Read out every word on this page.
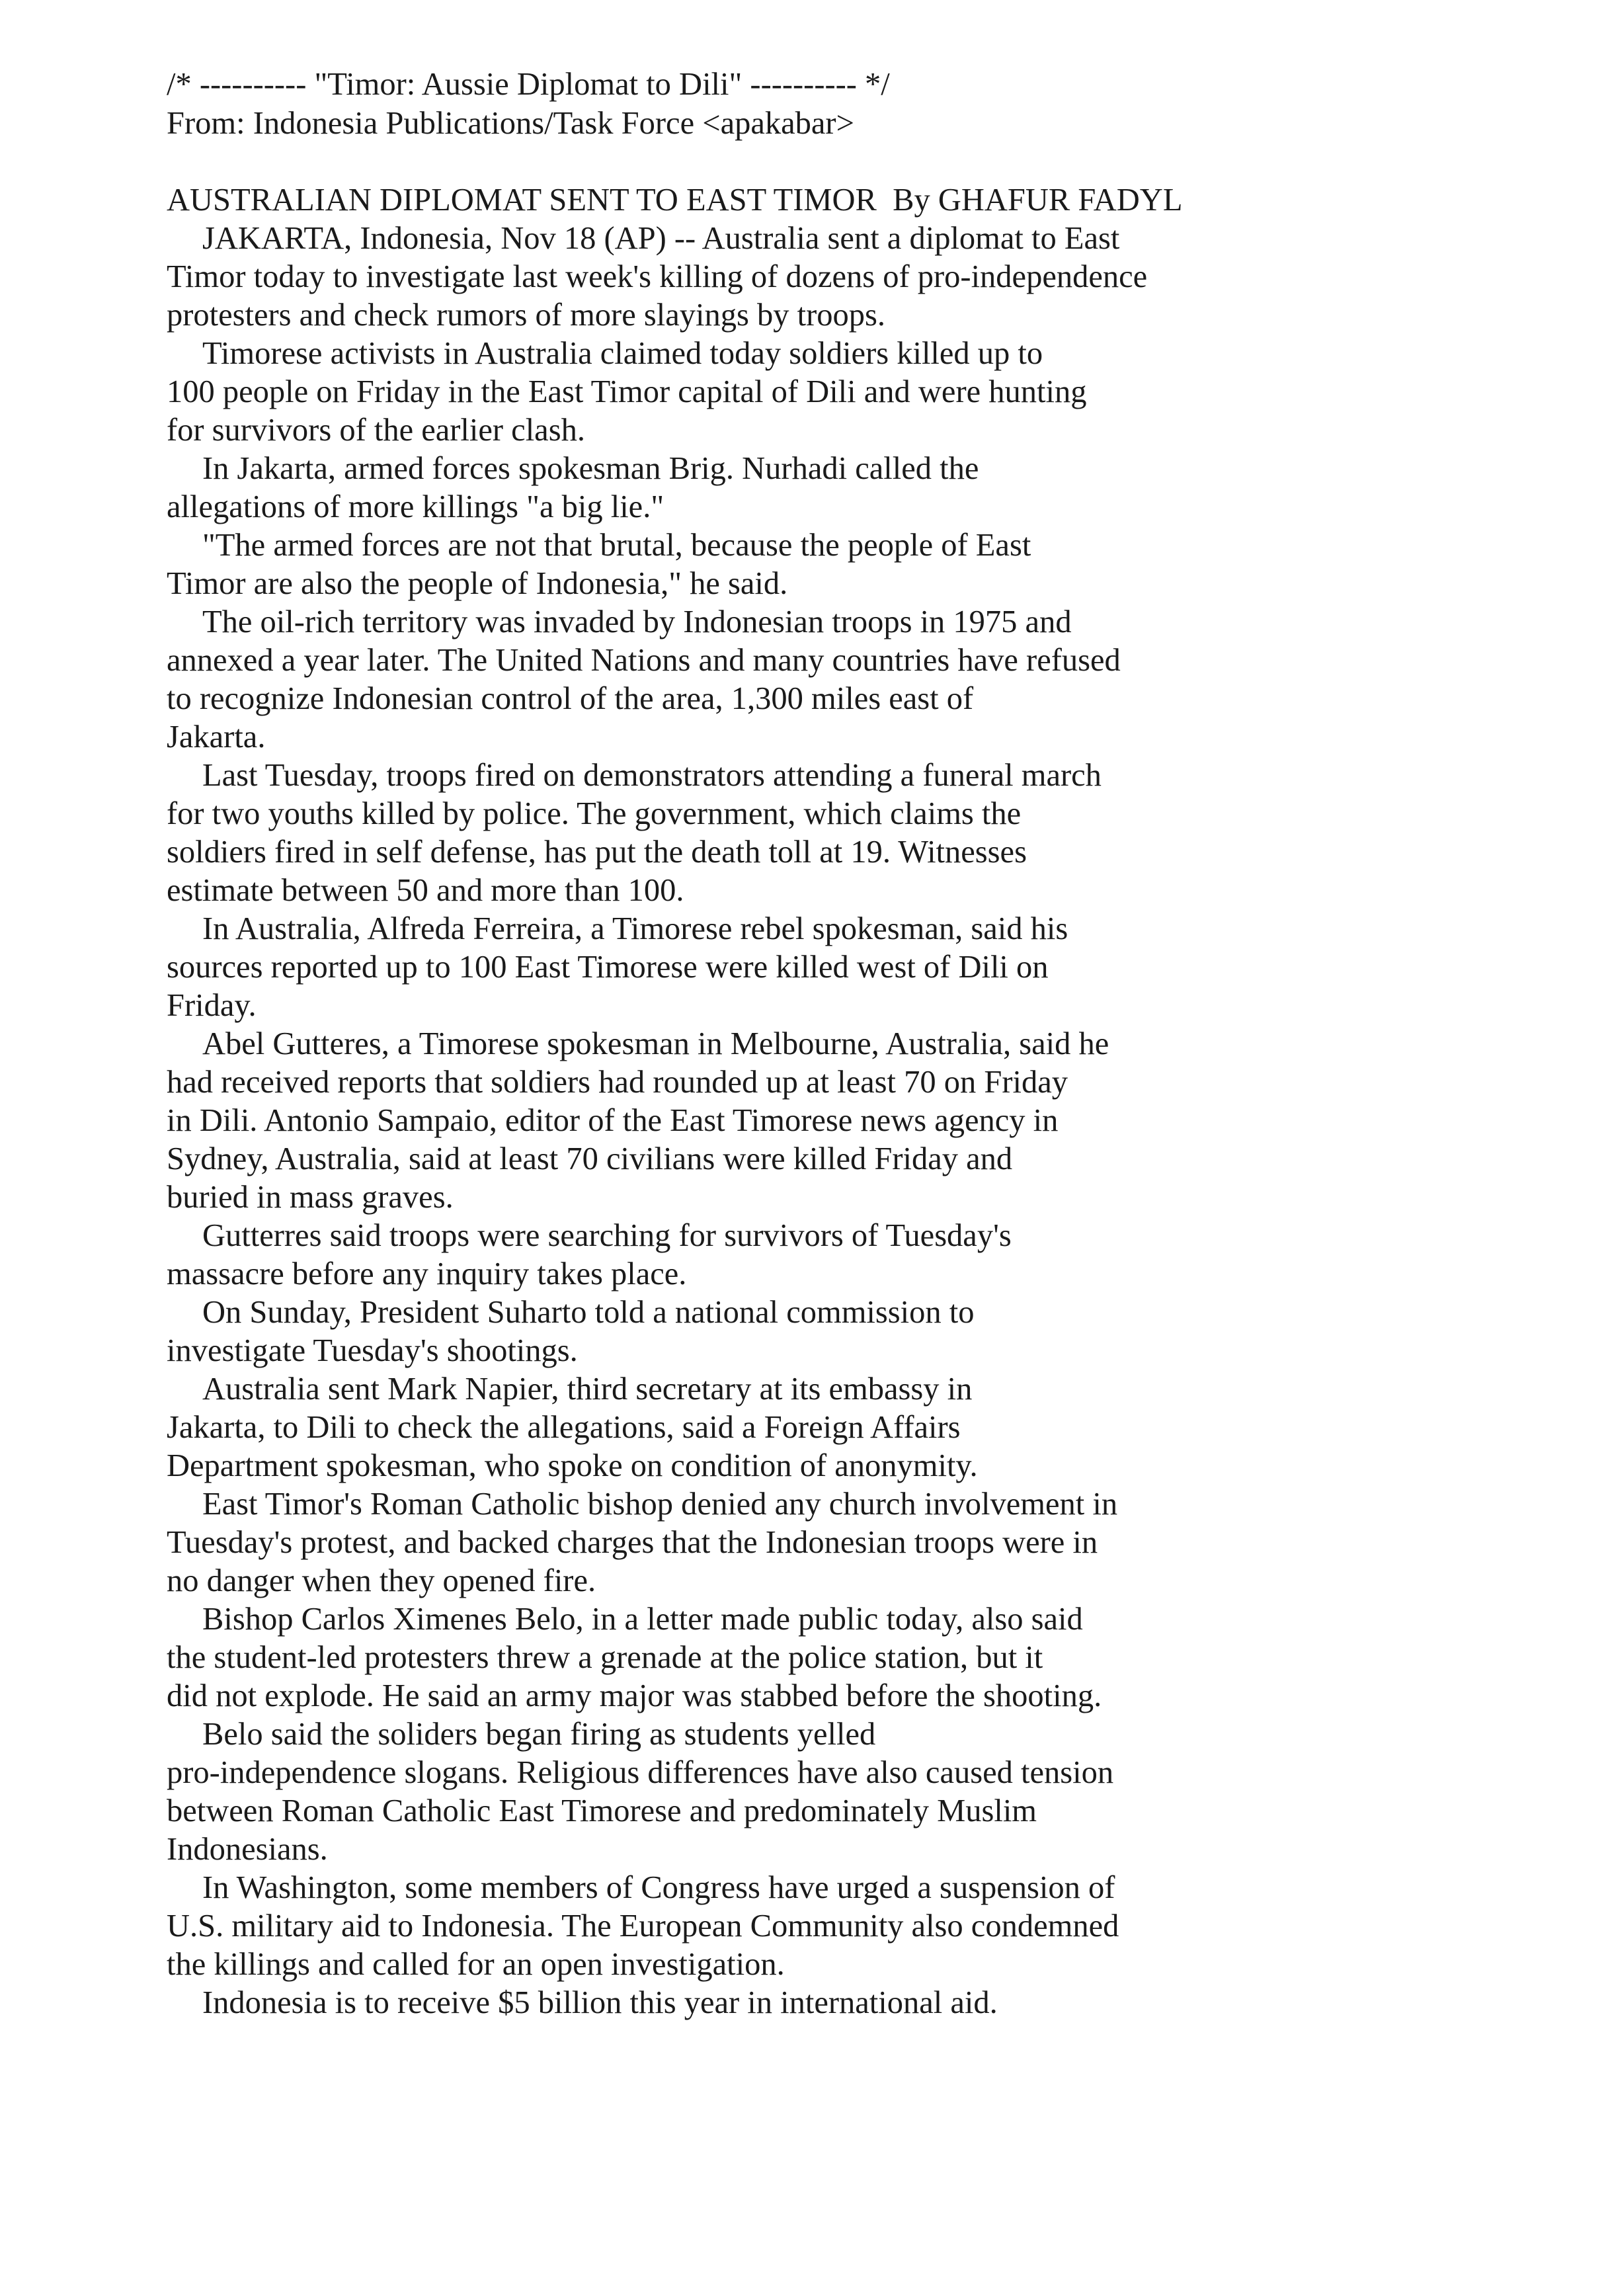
/* ---------- "Timor: Aussie Diplomat to Dili" ---------- */
From: Indonesia Publications/Task Force <apakabar>
AUSTRALIAN DIPLOMAT SENT TO EAST TIMOR  By GHAFUR FADYL
JAKARTA, Indonesia, Nov 18 (AP) -- Australia sent a diplomat to East
Timor today to investigate last week's killing of dozens of pro-independence
protesters and check rumors of more slayings by troops.
Timorese activists in Australia claimed today soldiers killed up to
100 people on Friday in the East Timor capital of Dili and were hunting
for survivors of the earlier clash.
In Jakarta, armed forces spokesman Brig. Nurhadi called the
allegations of more killings "a big lie."
"The armed forces are not that brutal, because the people of East
Timor are also the people of Indonesia," he said.
The oil-rich territory was invaded by Indonesian troops in 1975 and
annexed a year later. The United Nations and many countries have refused
to recognize Indonesian control of the area, 1,300 miles east of
Jakarta.
Last Tuesday, troops fired on demonstrators attending a funeral march
for two youths killed by police. The government, which claims the
soldiers fired in self defense, has put the death toll at 19. Witnesses
estimate between 50 and more than 100.
In Australia, Alfreda Ferreira, a Timorese rebel spokesman, said his
sources reported up to 100 East Timorese were killed west of Dili on
Friday.
Abel Gutteres, a Timorese spokesman in Melbourne, Australia, said he
had received reports that soldiers had rounded up at least 70 on Friday
in Dili. Antonio Sampaio, editor of the East Timorese news agency in
Sydney, Australia, said at least 70 civilians were killed Friday and
buried in mass graves.
Gutterres said troops were searching for survivors of Tuesday's
massacre before any inquiry takes place.
On Sunday, President Suharto told a national commission to
investigate Tuesday's shootings.
Australia sent Mark Napier, third secretary at its embassy in
Jakarta, to Dili to check the allegations, said a Foreign Affairs
Department spokesman, who spoke on condition of anonymity.
East Timor's Roman Catholic bishop denied any church involvement in
Tuesday's protest, and backed charges that the Indonesian troops were in
no danger when they opened fire.
Bishop Carlos Ximenes Belo, in a letter made public today, also said
the student-led protesters threw a grenade at the police station, but it
did not explode. He said an army major was stabbed before the shooting.
Belo said the soliders began firing as students yelled
pro-independence slogans. Religious differences have also caused tension
between Roman Catholic East Timorese and predominately Muslim
Indonesians.
In Washington, some members of Congress have urged a suspension of
U.S. military aid to Indonesia. The European Community also condemned
the killings and called for an open investigation.
Indonesia is to receive $5 billion this year in international aid.
